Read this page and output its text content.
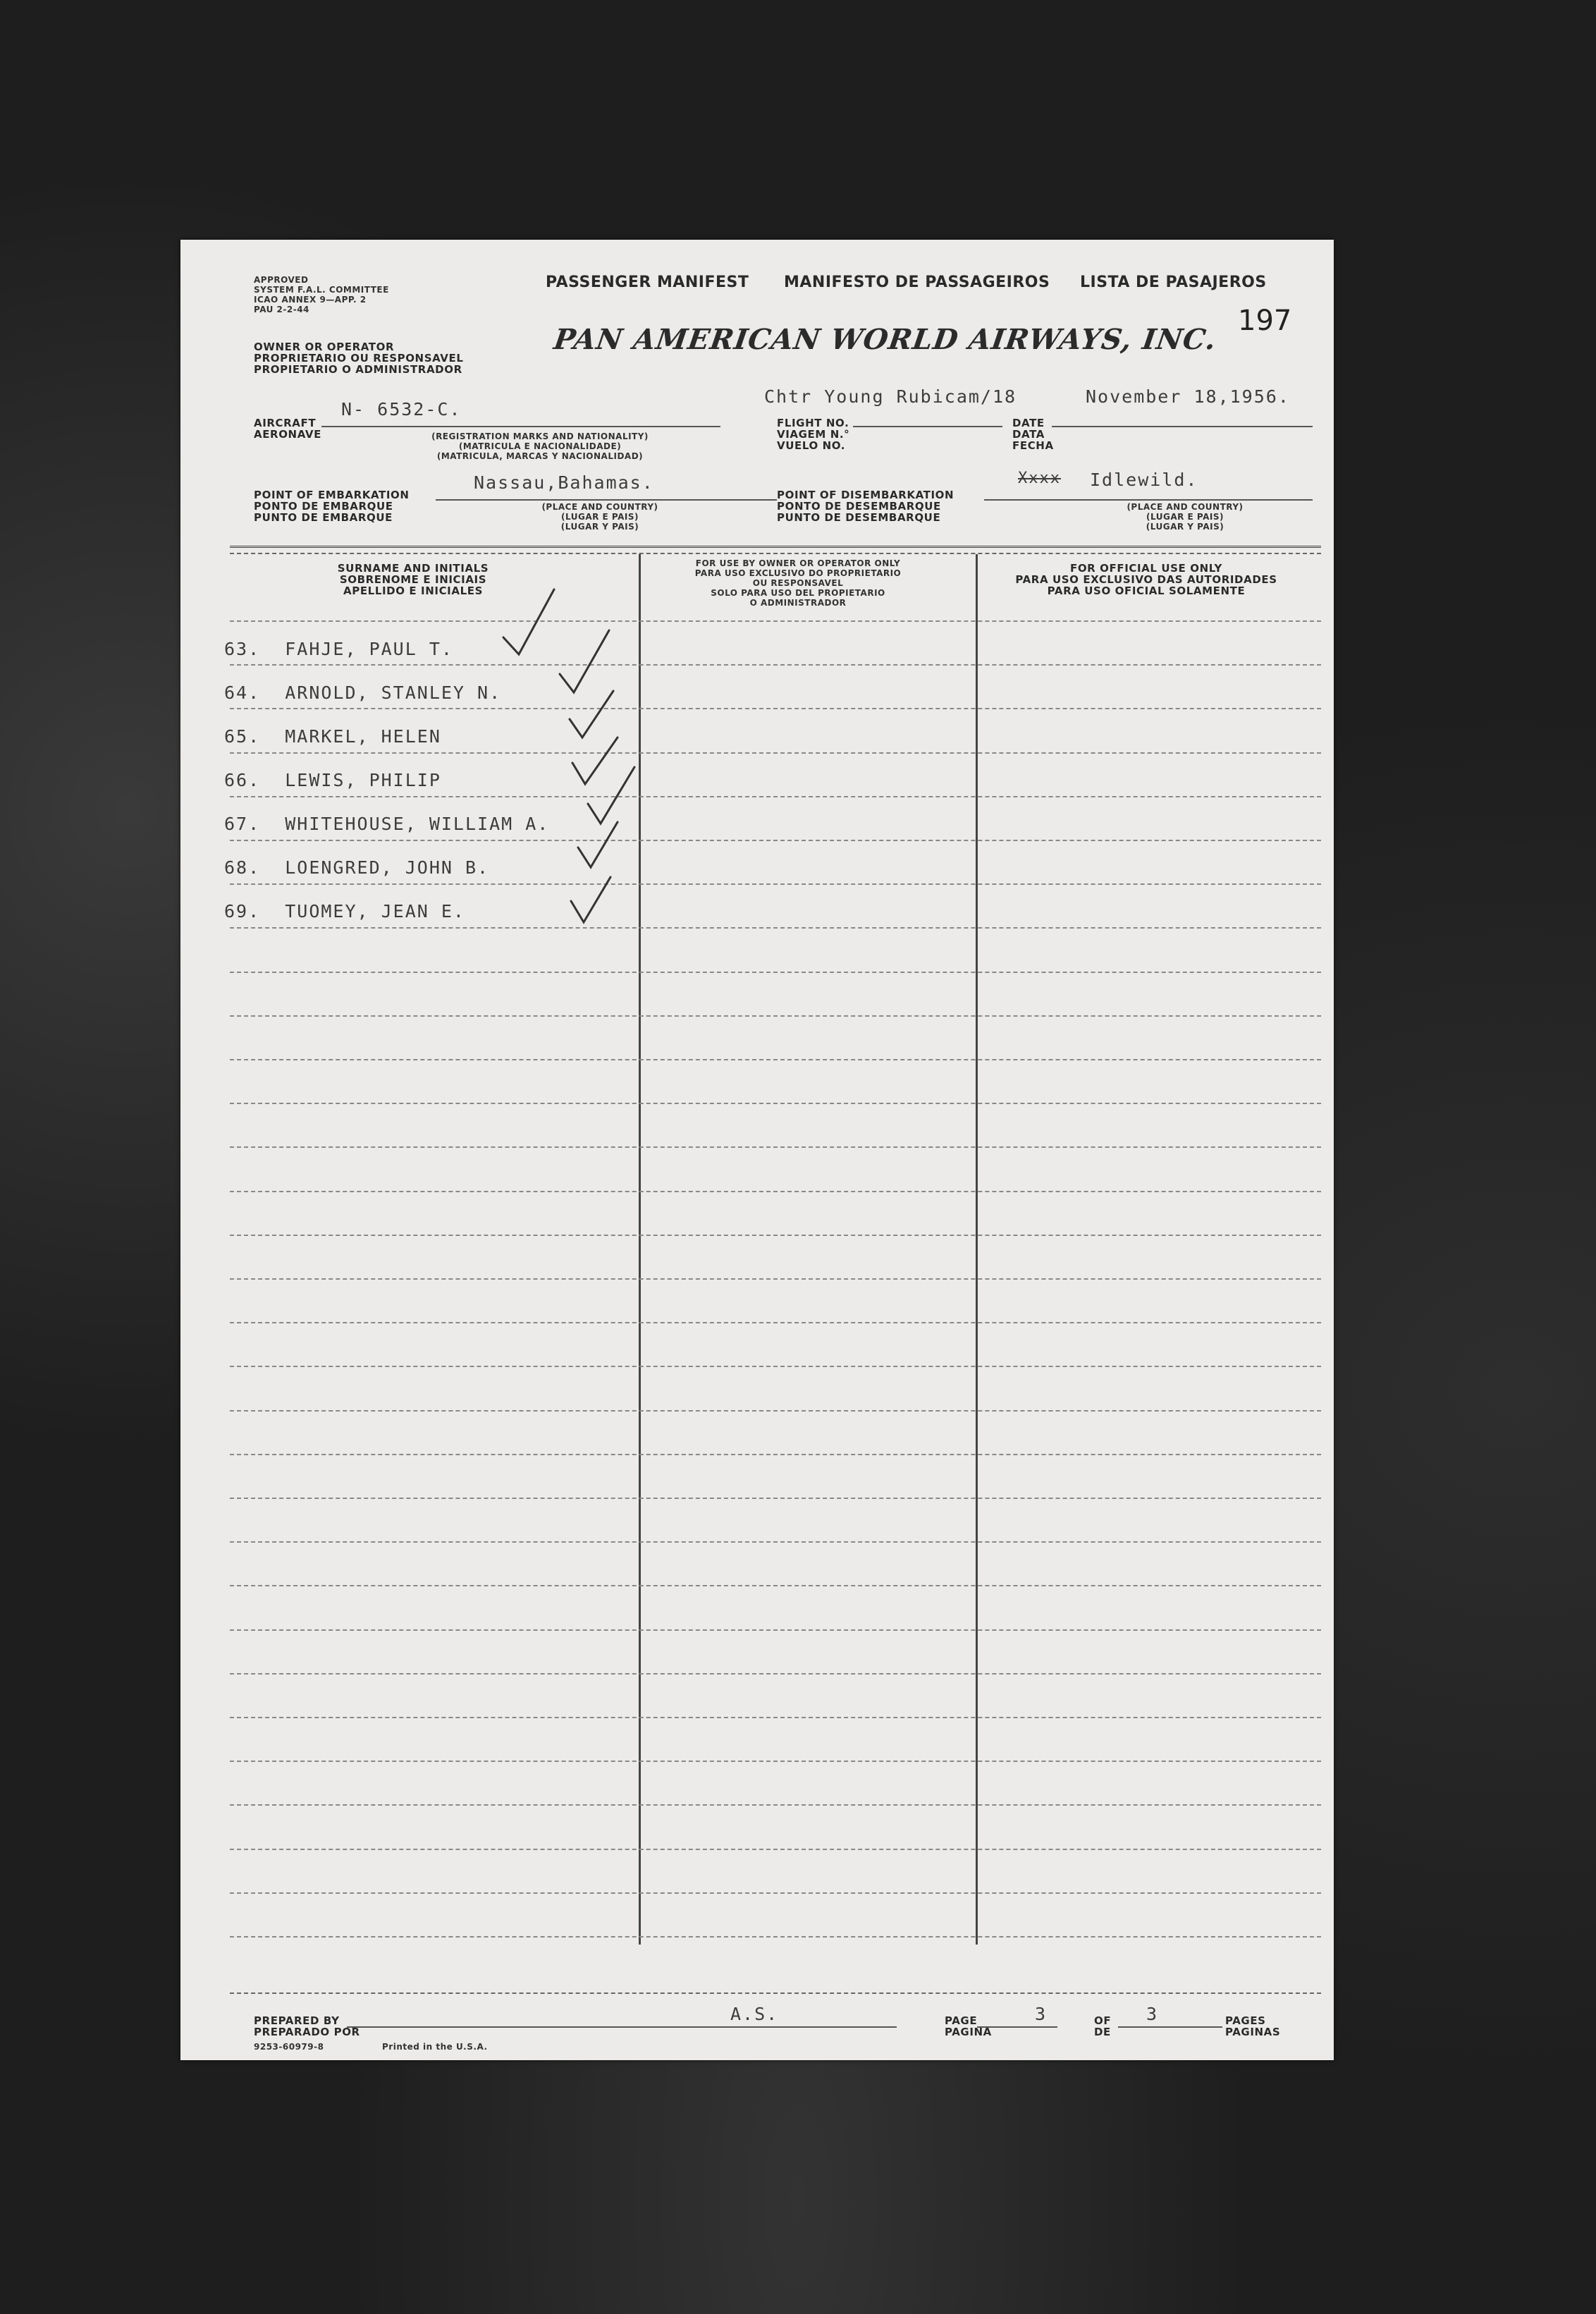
APPROVED
SYSTEM F.A.L. COMMITTEE
ICAO ANNEX 9—APP. 2
PAU 2-2-44
OWNER OR OPERATOR
PROPRIETARIO OU RESPONSAVEL
PROPIETARIO O ADMINISTRADOR
PASSENGER MANIFEST MANIFESTO DE PASSAGEIROS LISTA DE PASAJEROS
PAN AMERICAN WORLD AIRWAYS, INC.
197
AIRCRAFT
AERONAVE
N- 6532-C.
(REGISTRATION MARKS AND NATIONALITY)
(MATRICULA E NACIONALIDADE)
(MATRICULA, MARCAS Y NACIONALIDAD)
Chtr Young Rubicam/18
FLIGHT NO.
VIAGEM N.°
VUELO NO.
November 18,1956.
DATE
DATA
FECHA
Nassau,Bahamas.
POINT OF EMBARKATION
PONTO DE EMBARQUE
PUNTO DE EMBARQUE
(PLACE AND COUNTRY)
(LUGAR E PAIS)
(LUGAR Y PAIS)
POINT OF DISEMBARKATION
PONTO DE DESEMBARQUE
PUNTO DE DESEMBARQUE
Xxxx Idlewild.
(PLACE AND COUNTRY)
(LUGAR E PAIS)
(LUGAR Y PAIS)
SURNAME AND INITIALS
SOBRENOME E INICIAIS
APELLIDO E INICIALES
FOR USE BY OWNER OR OPERATOR ONLY
PARA USO EXCLUSIVO DO PROPRIETARIO
OU RESPONSAVEL
SOLO PARA USO DEL PROPIETARIO
O ADMINISTRADOR
FOR OFFICIAL USE ONLY
PARA USO EXCLUSIVO DAS AUTORIDADES
PARA USO OFICIAL SOLAMENTE
63. FAHJE, PAUL T.
64. ARNOLD, STANLEY N.
65. MARKEL, HELEN
66. LEWIS, PHILIP
67. WHITEHOUSE, WILLIAM A.
68. LOENGRED, JOHN B.
69. TUOMEY, JEAN E.
PREPARED BY
PREPARADO POR
A.S.
9253-60979-8	Printed in the U.S.A.
PAGE
PAGINA
3	OF
DE
3	PAGES
PAGINAS
